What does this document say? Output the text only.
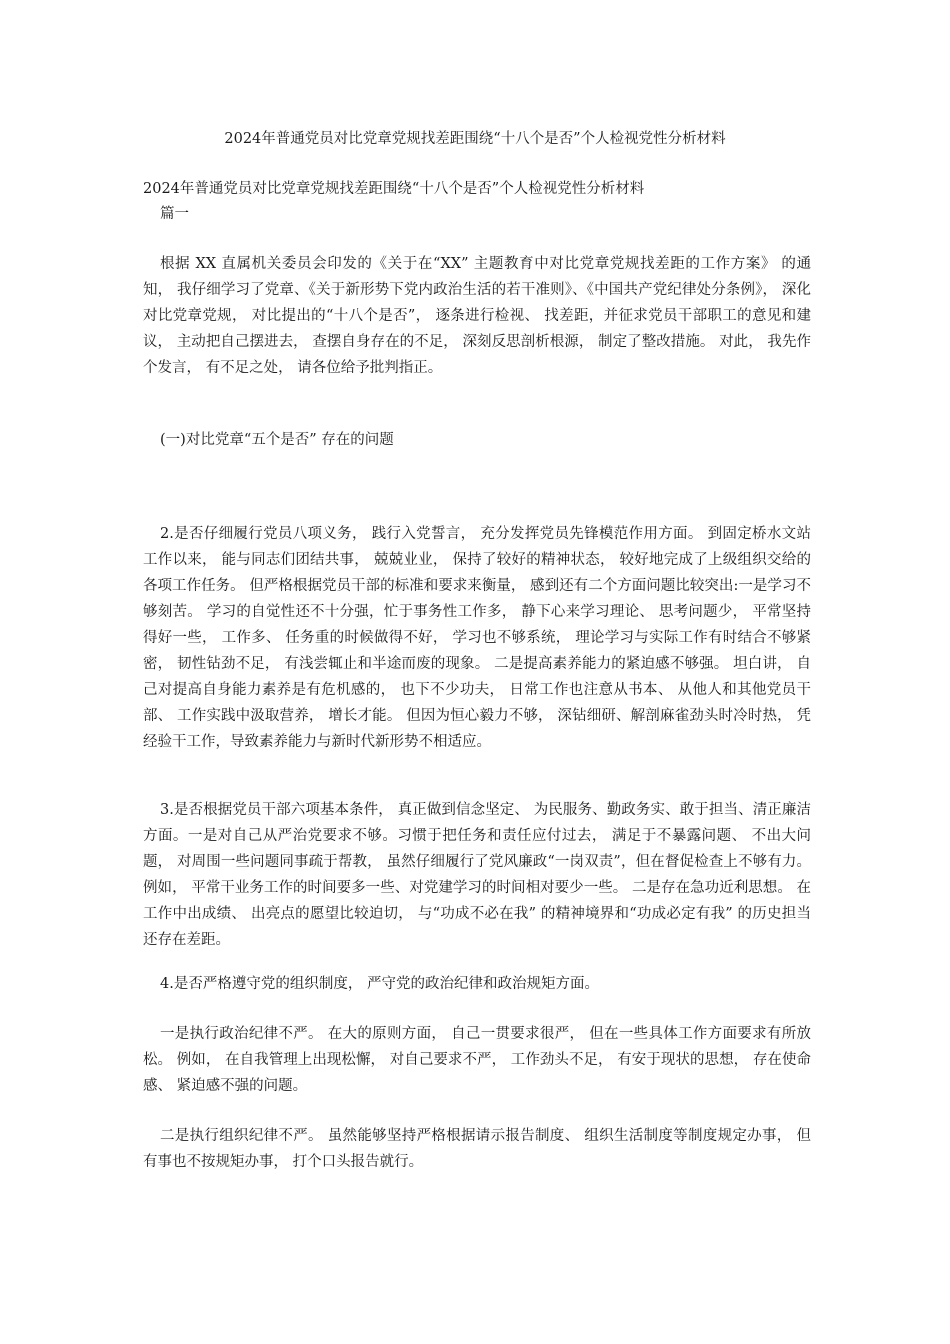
2024年普通党员对比党章党规找差距围绕“十八个是否”个人检视党性分析材料
2024年普通党员对比党章党规找差距围绕“十八个是否”个人检视党性分析材料
篇一

根据 XX 直属机关委员会印发的《关于在“XX” 主题教育中对比党章党规找差距的工作方案》 的通知， 我仔细学习了党章、《关于新形势下党内政治生活的若干准则》、《中国共产党纪律处分条例》， 深化对比党章党规， 对比提出的“十八个是否”， 逐条进行检视、 找差距，并征求党员干部职工的意见和建议， 主动把自己摆进去， 查摆自身存在的不足， 深刻反思剖析根源， 制定了整改措施。 对此， 我先作个发言， 有不足之处， 请各位给予批判指正。

(一)对比党章“五个是否” 存在的问题

2.是否仔细履行党员八项义务， 践行入党誓言， 充分发挥党员先锋模范作用方面。 到固定桥水文站工作以来， 能与同志们团结共事， 兢兢业业， 保持了较好的精神状态， 较好地完成了上级组织交给的各项工作任务。 但严格根据党员干部的标准和要求来衡量， 感到还有二个方面问题比较突出:一是学习不够刻苦。 学习的自觉性还不十分强，忙于事务性工作多， 静下心来学习理论、 思考问题少， 平常坚持得好一些， 工作多、 任务重的时候做得不好， 学习也不够系统， 理论学习与实际工作有时结合不够紧密， 韧性钻劲不足， 有浅尝辄止和半途而废的现象。 二是提高素养能力的紧迫感不够强。 坦白讲， 自己对提高自身能力素养是有危机感的， 也下不少功夫， 日常工作也注意从书本、 从他人和其他党员干部、 工作实践中汲取营养， 增长才能。 但因为恒心毅力不够， 深钻细研、解剖麻雀劲头时冷时热， 凭经验干工作，导致素养能力与新时代新形势不相适应。

3.是否根据党员干部六项基本条件， 真正做到信念坚定、 为民服务、勤政务实、敢于担当、清正廉洁方面。一是对自己从严治党要求不够。习惯于把任务和责任应付过去， 满足于不暴露问题、 不出大问题， 对周围一些问题同事疏于帮教， 虽然仔细履行了党风廉政“一岗双责”，但在督促检查上不够有力。 例如， 平常干业务工作的时间要多一些、对党建学习的时间相对要少一些。 二是存在急功近利思想。 在工作中出成绩、 出亮点的愿望比较迫切， 与“功成不必在我” 的精神境界和“功成必定有我” 的历史担当还存在差距。

4.是否严格遵守党的组织制度， 严守党的政治纪律和政治规矩方面。

一是执行政治纪律不严。 在大的原则方面， 自己一贯要求很严， 但在一些具体工作方面要求有所放松。 例如， 在自我管理上出现松懈， 对自己要求不严， 工作劲头不足， 有安于现状的思想， 存在使命感、 紧迫感不强的问题。

二是执行组织纪律不严。 虽然能够坚持严格根据请示报告制度、 组织生活制度等制度规定办事， 但有事也不按规矩办事， 打个口头报告就行。
